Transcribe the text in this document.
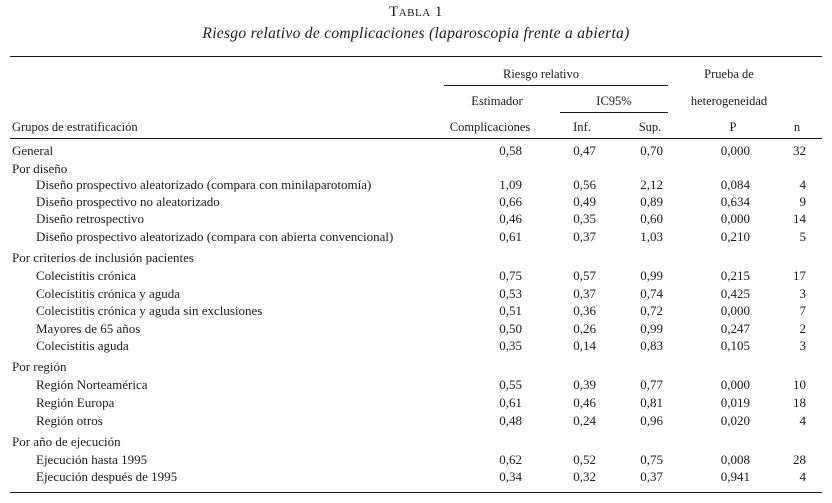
Tabla 1
Riesgo relativo de complicaciones (laparoscopia frente a abierta)
Riesgo relativo	Prueba de
Estimador	IC95%	heterogeneidad
Grupos de estratificación	Complicaciones	Inf.	Sup.	P	n
General	0,58	0,47	0,70	0,000	32
Por diseño
Diseño prospectivo aleatorizado (compara con minilaparotomía)	1,09	0,56	2,12	0,084	4
Diseño prospectivo no aleatorizado	0,66	0,49	0,89	0,634	9
Diseño retrospectivo	0,46	0,35	0,60	0,000	14
Diseño prospectivo aleatorizado (compara con abierta convencional)	0,61	0,37	1,03	0,210	5
Por criterios de inclusión pacientes
Colecistitis crónica	0,75	0,57	0,99	0,215	17
Colecistitis crónica y aguda	0,53	0,37	0,74	0,425	3
Colecistitis crónica y aguda sin exclusiones	0,51	0,36	0,72	0,000	7
Mayores de 65 años	0,50	0,26	0,99	0,247	2
Colecistitis aguda	0,35	0,14	0,83	0,105	3
Por región
Región Norteamérica	0,55	0,39	0,77	0,000	10
Región Europa	0,61	0,46	0,81	0,019	18
Región otros	0,48	0,24	0,96	0,020	4
Por año de ejecución
Ejecución hasta 1995	0,62	0,52	0,75	0,008	28
Ejecución después de 1995	0,34	0,32	0,37	0,941	4
